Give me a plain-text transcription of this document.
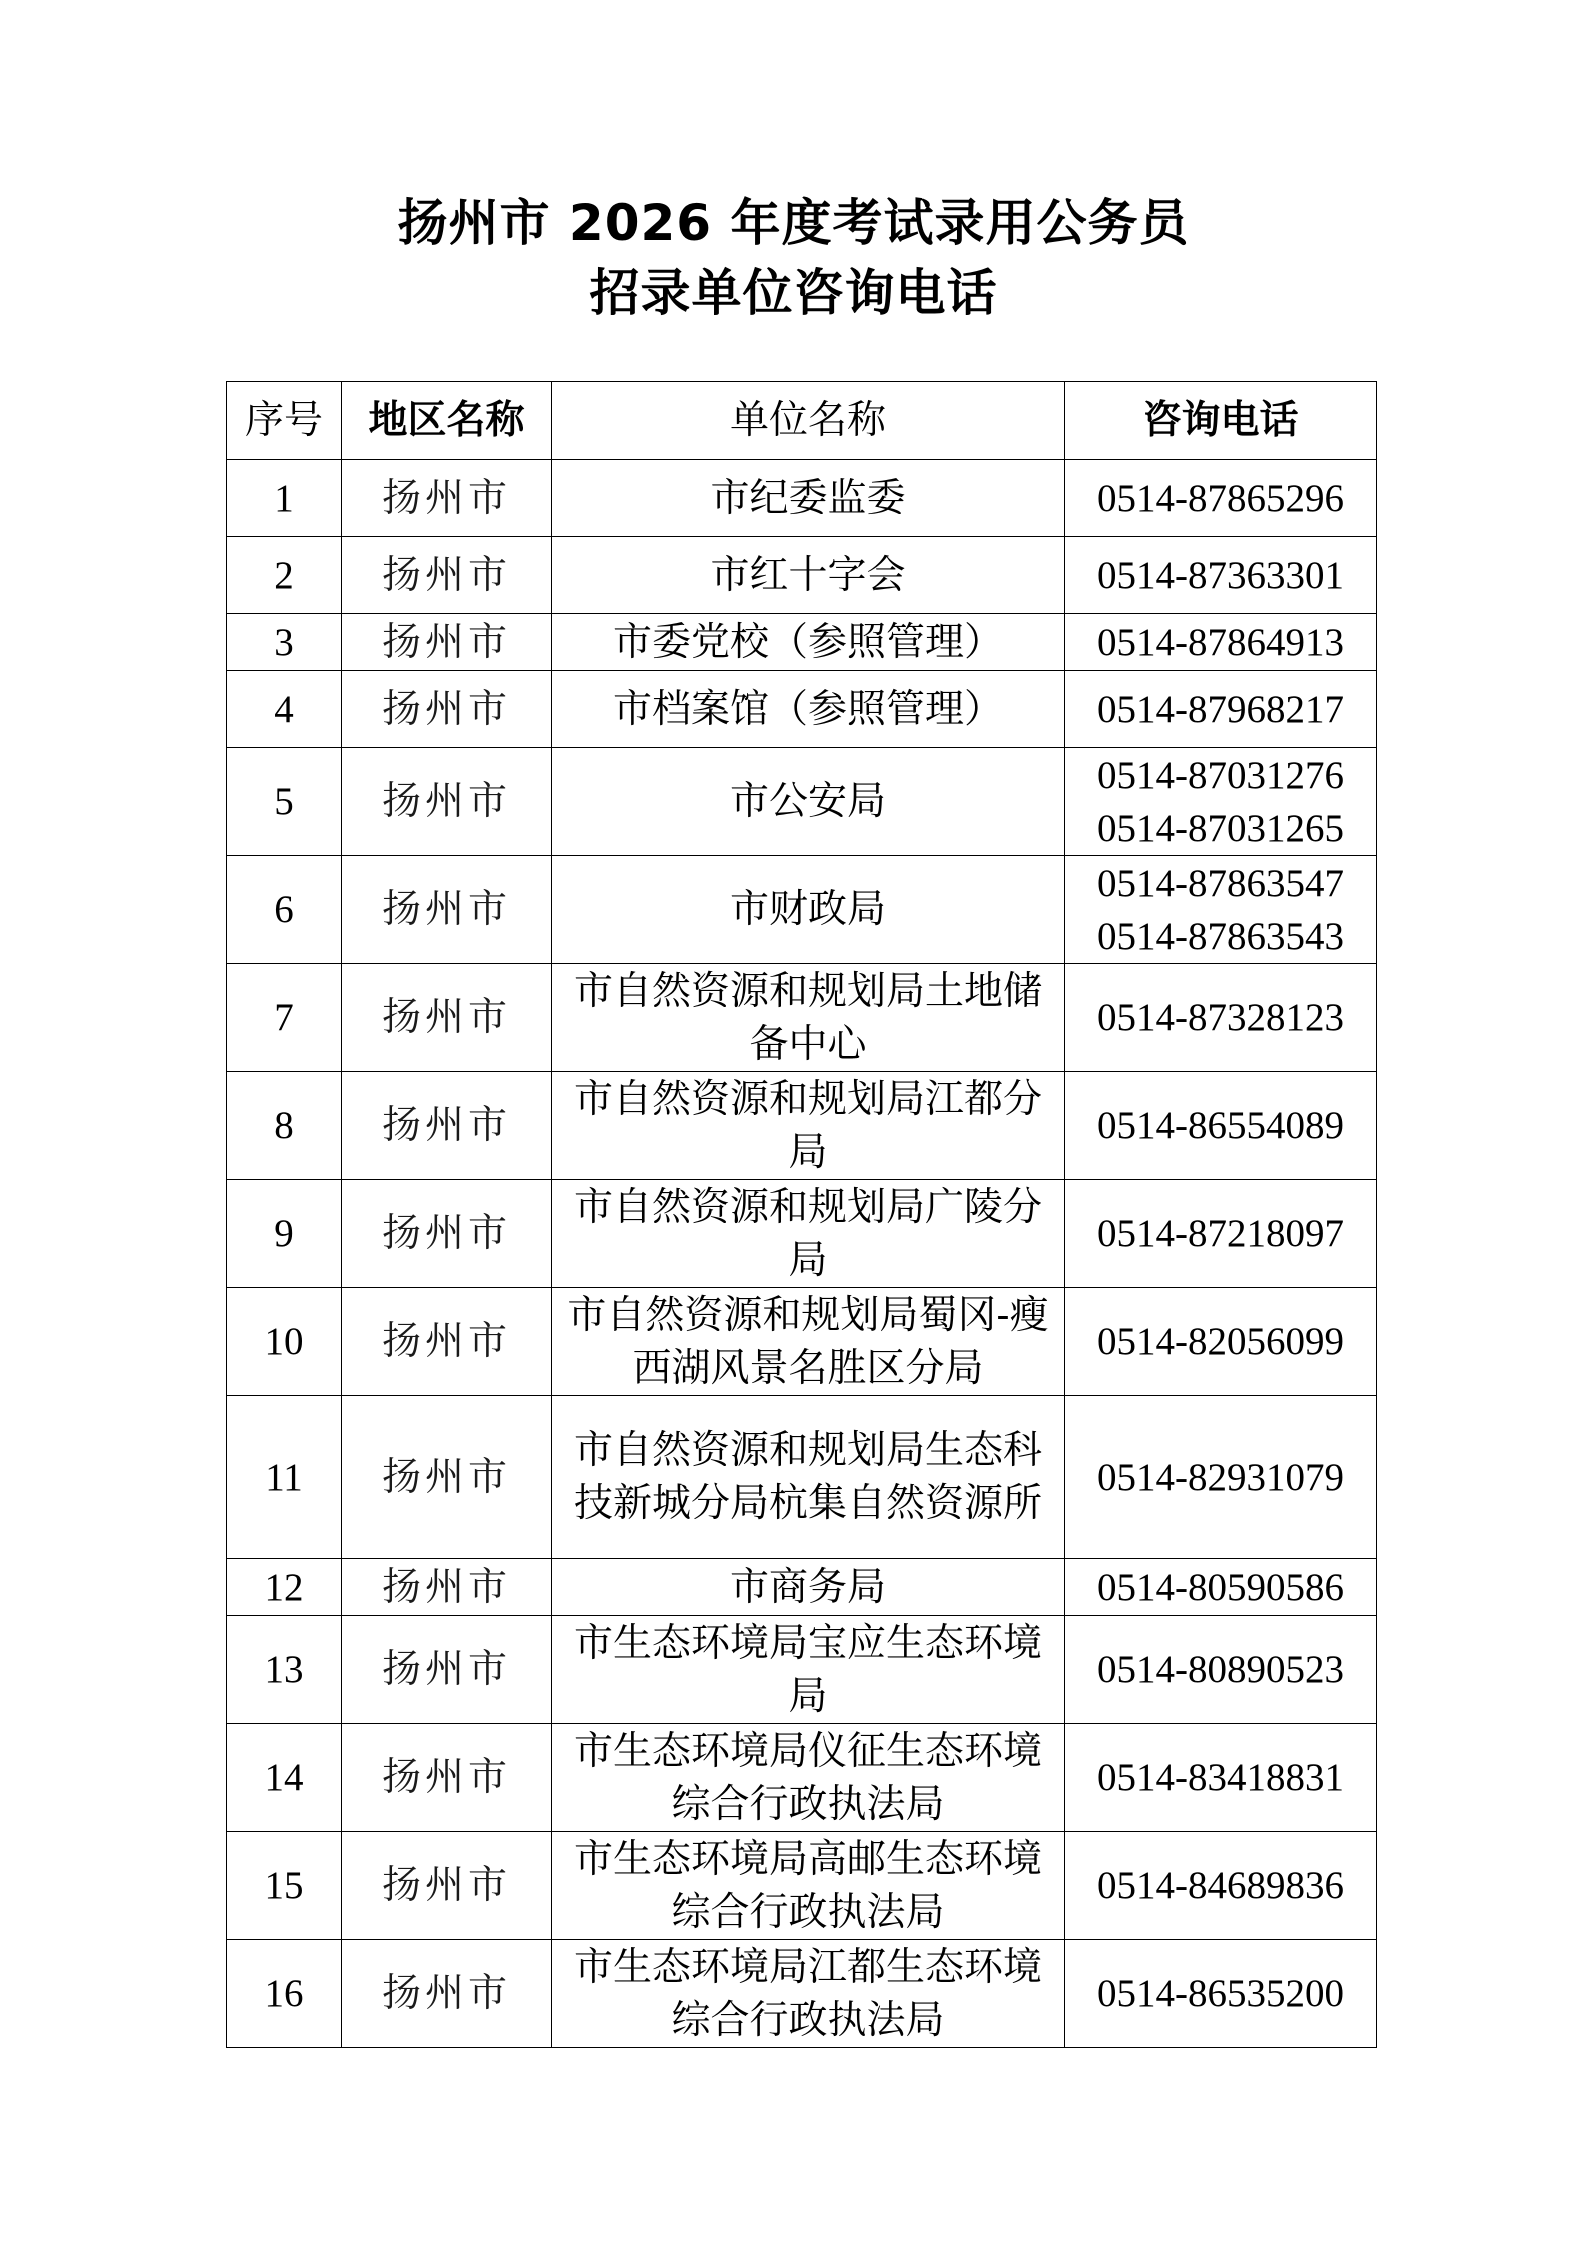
扬州市 2026 年度考试录用公务员
招录单位咨询电话
序号	地区名称	单位名称	咨询电话
1	扬州市	市纪委监委	0514-87865296

2	扬州市	市红十字会	0514-87363301

3	扬州市	市委党校（参照管理）	0514-87864913

4	扬州市	市档案馆（参照管理）	0514-87968217

5	扬州市	市公安局	0514-87031276
0514-87031265

6	扬州市	市财政局	0514-87863547
0514-87863543

7	扬州市	市自然资源和规划局土地储备中心	0514-87328123

8	扬州市	市自然资源和规划局江都分局	0514-86554089

9	扬州市	市自然资源和规划局广陵分局	0514-87218097

10	扬州市	市自然资源和规划局蜀冈-瘦西湖风景名胜区分局	0514-82056099

11	扬州市	市自然资源和规划局生态科技新城分局杭集自然资源所	0514-82931079

12	扬州市	市商务局	0514-80590586

13	扬州市	市生态环境局宝应生态环境局	0514-80890523

14	扬州市	市生态环境局仪征生态环境综合行政执法局	0514-83418831

15	扬州市	市生态环境局高邮生态环境综合行政执法局	0514-84689836

16	扬州市	市生态环境局江都生态环境综合行政执法局	0514-86535200
